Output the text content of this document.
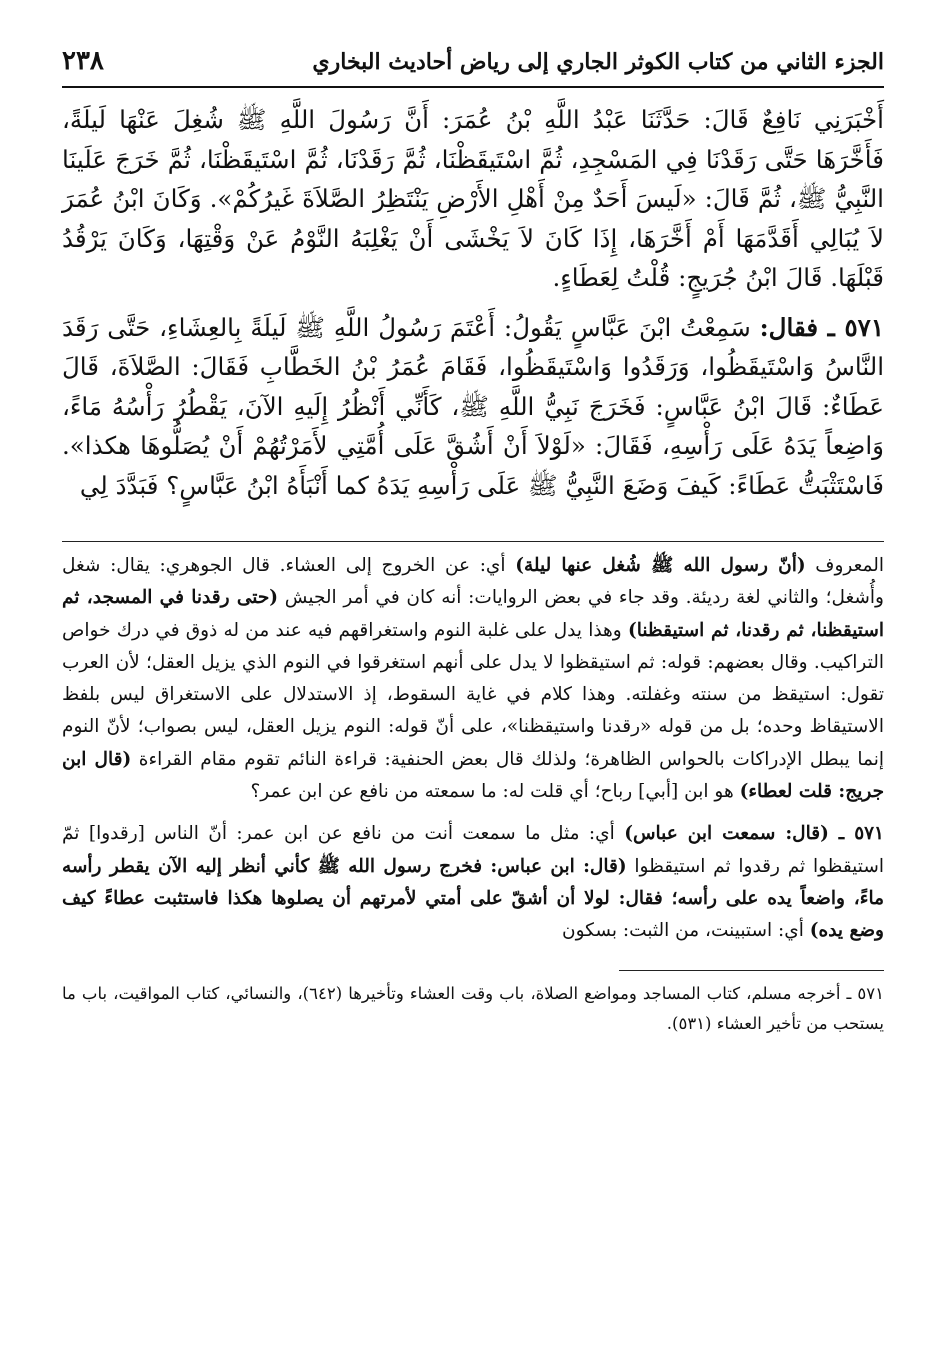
الجزء الثاني من كتاب الكوثر الجاري إلى رياض أحاديث البخاري
٢٣٨

أَخْبَرَنِي نَافِعٌ قَالَ: حَدَّثَنَا عَبْدُ اللَّهِ بْنُ عُمَرَ: أَنَّ رَسُولَ اللَّهِ ﷺ شُغِلَ عَنْهَا لَيلَةً، فَأَخَّرَهَا حَتَّى رَقَدْنَا فِي المَسْجِدِ، ثُمَّ اسْتَيقَظْنَا، ثُمَّ رَقَدْنَا، ثُمَّ اسْتَيقَظْنَا، ثُمَّ خَرَجَ عَلَينَا النَّبِيُّ ﷺ، ثُمَّ قَالَ: «لَيسَ أَحَدٌ مِنْ أَهْلِ الأَرْضِ يَنْتَظِرُ الصَّلاَةَ غَيرُكُمْ». وَكَانَ ابْنُ عُمَرَ لاَ يُبَالِي أَقَدَّمَهَا أَمْ أَخَّرَهَا، إِذَا كَانَ لاَ يَخْشَى أَنْ يَغْلِبَهُ النَّوْمُ عَنْ وَقْتِهَا، وَكَانَ يَرْقُدُ قَبْلَهَا. قَالَ ابْنُ جُرَيجٍ: قُلْتُ لِعَطَاءٍ.

٥٧١ ـ فقال: سَمِعْتُ ابْنَ عَبَّاسٍ يَقُولُ: أَعْتَمَ رَسُولُ اللَّهِ ﷺ لَيلَةً بِالعِشَاءِ، حَتَّى رَقَدَ النَّاسُ وَاسْتَيقَظُوا، وَرَقَدُوا وَاسْتَيقَظُوا، فَقَامَ عُمَرُ بْنُ الخَطَّابِ فَقَالَ: الصَّلاَةَ، قَالَ عَطَاءٌ: قَالَ ابْنُ عَبَّاسٍ: فَخَرَجَ نَبِيُّ اللَّهِ ﷺ، كَأَنِّي أَنْظُرُ إِلَيهِ الآنَ، يَقْطُرُ رَأْسُهُ مَاءً، وَاضِعاً يَدَهُ عَلَى رَأْسِهِ، فَقَالَ: «لَوْلاَ أَنْ أَشُقَّ عَلَى أُمَّتِي لأَمَرْتُهُمْ أَنْ يُصَلُّوهَا هكذا». فَاسْتَثْبَتُّ عَطَاءً: كَيفَ وَضَعَ النَّبِيُّ ﷺ عَلَى رَأْسِهِ يَدَهُ كما أَنْبَأَهُ ابْنُ عَبَّاسٍ؟ فَبَدَّدَ لِي

المعروف (أنّ رسول الله ﷺ شُغل عنها ليلة) أي: عن الخروج إلى العشاء. قال الجوهري: يقال: شغل وأُشغل؛ والثاني لغة رديئة. وقد جاء في بعض الروايات: أنه كان في أمر الجيش (حتى رقدنا في المسجد، ثم استيقظنا، ثم رقدنا، ثم استيقظنا) وهذا يدل على غلبة النوم واستغراقهم فيه عند من له ذوق في درك خواص التراكيب. وقال بعضهم: قوله: ثم استيقظوا لا يدل على أنهم استغرقوا في النوم الذي يزيل العقل؛ لأن العرب تقول: استيقظ من سنته وغفلته. وهذا كلام في غاية السقوط، إذ الاستدلال على الاستغراق ليس بلفظ الاستيقاظ وحده؛ بل من قوله «رقدنا واستيقظنا»، على أنّ قوله: النوم يزيل العقل، ليس بصواب؛ لأنّ النوم إنما يبطل الإدراكات بالحواس الظاهرة؛ ولذلك قال بعض الحنفية: قراءة النائم تقوم مقام القراءة (قال ابن جريج: قلت لعطاء) هو ابن [أبي] رباح؛ أي قلت له: ما سمعته من نافع عن ابن عمر؟

٥٧١ ـ (قال: سمعت ابن عباس) أي: مثل ما سمعت أنت من نافع عن ابن عمر: أنّ الناس [رقدوا] ثمّ استيقظوا ثم رقدوا ثم استيقظوا (قال: ابن عباس: فخرج رسول الله ﷺ كأني أنظر إليه الآن يقطر رأسه ماءً، واضعاً يده على رأسه؛ فقال: لولا أن أشقّ على أمتي لأمرتهم أن يصلوها هكذا فاستثبت عطاءً كيف وضع يده) أي: استبينت، من الثبت: بسكون

٥٧١ ـ أخرجه مسلم، كتاب المساجد ومواضع الصلاة، باب وقت العشاء وتأخيرها (٦٤٢)، والنسائي، كتاب المواقيت، باب ما يستحب من تأخير العشاء (٥٣١).
